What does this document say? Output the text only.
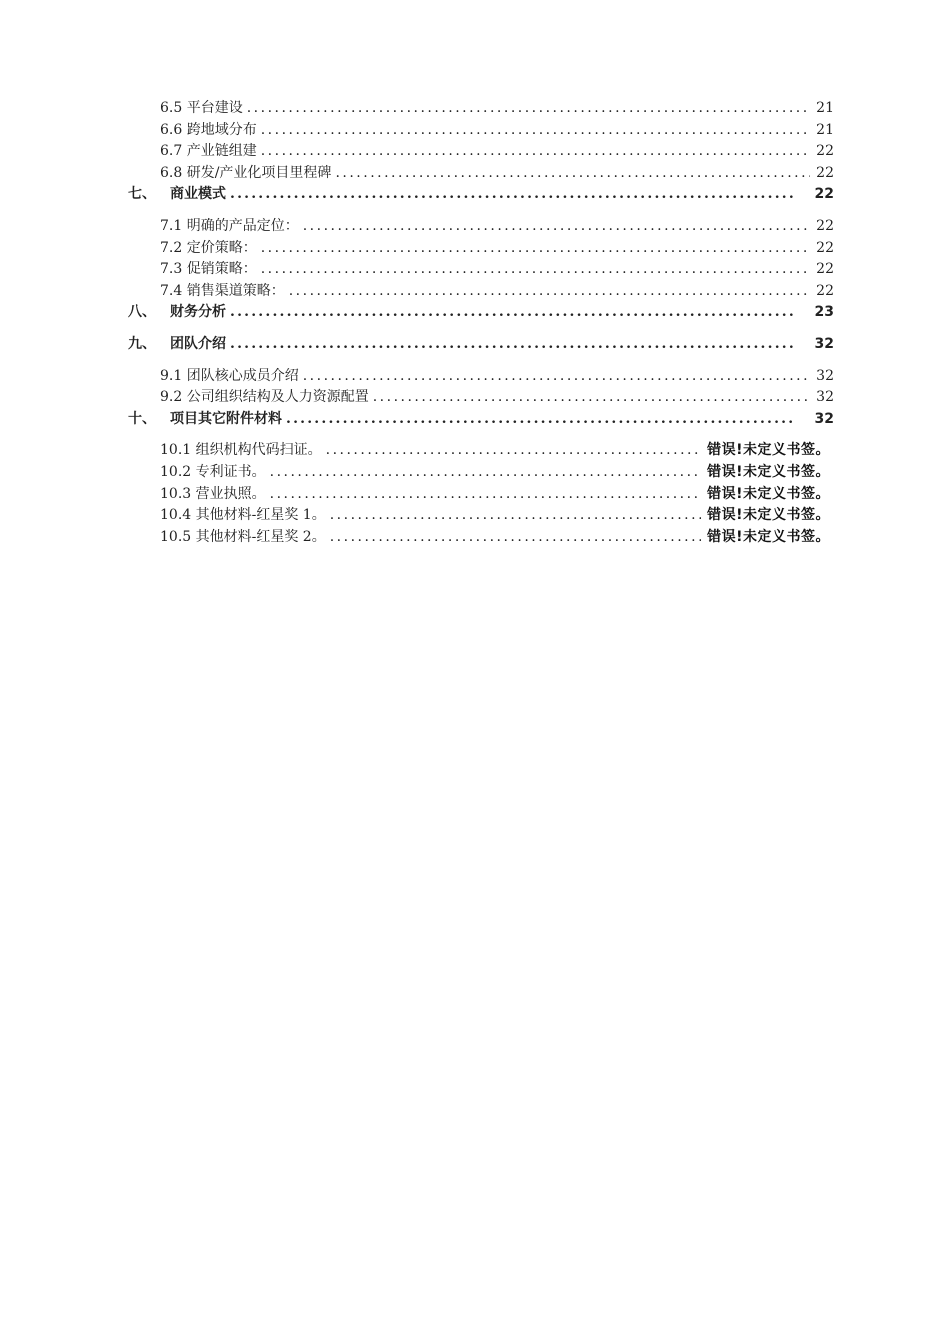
6.5 平台建设 .....	21
6.6 跨地域分布 .....	21
6.7 产业链组建 .....	22
6.8 研发/产业化项目里程碑 .....	22
七、	商业模式 .....	22
7.1 明确的产品定位： .....	22
7.2 定价策略： .....	22
7.3 促销策略： .....	22
7.4 销售渠道策略： .....	22
八、	财务分析 .....	23
九、	团队介绍 .....	32
9.1 团队核心成员介绍 .....	32
9.2 公司组织结构及人力资源配置 .....	32
十、	项目其它附件材料 .....	32
10.1 组织机构代码扫证。 .....	错误!未定义书签。
10.2 专利证书。 .....	错误!未定义书签。
10.3 营业执照。 .....	错误!未定义书签。
10.4 其他材料-红星奖 1。 .....	错误!未定义书签。
10.5 其他材料-红星奖 2。 .....	错误!未定义书签。
